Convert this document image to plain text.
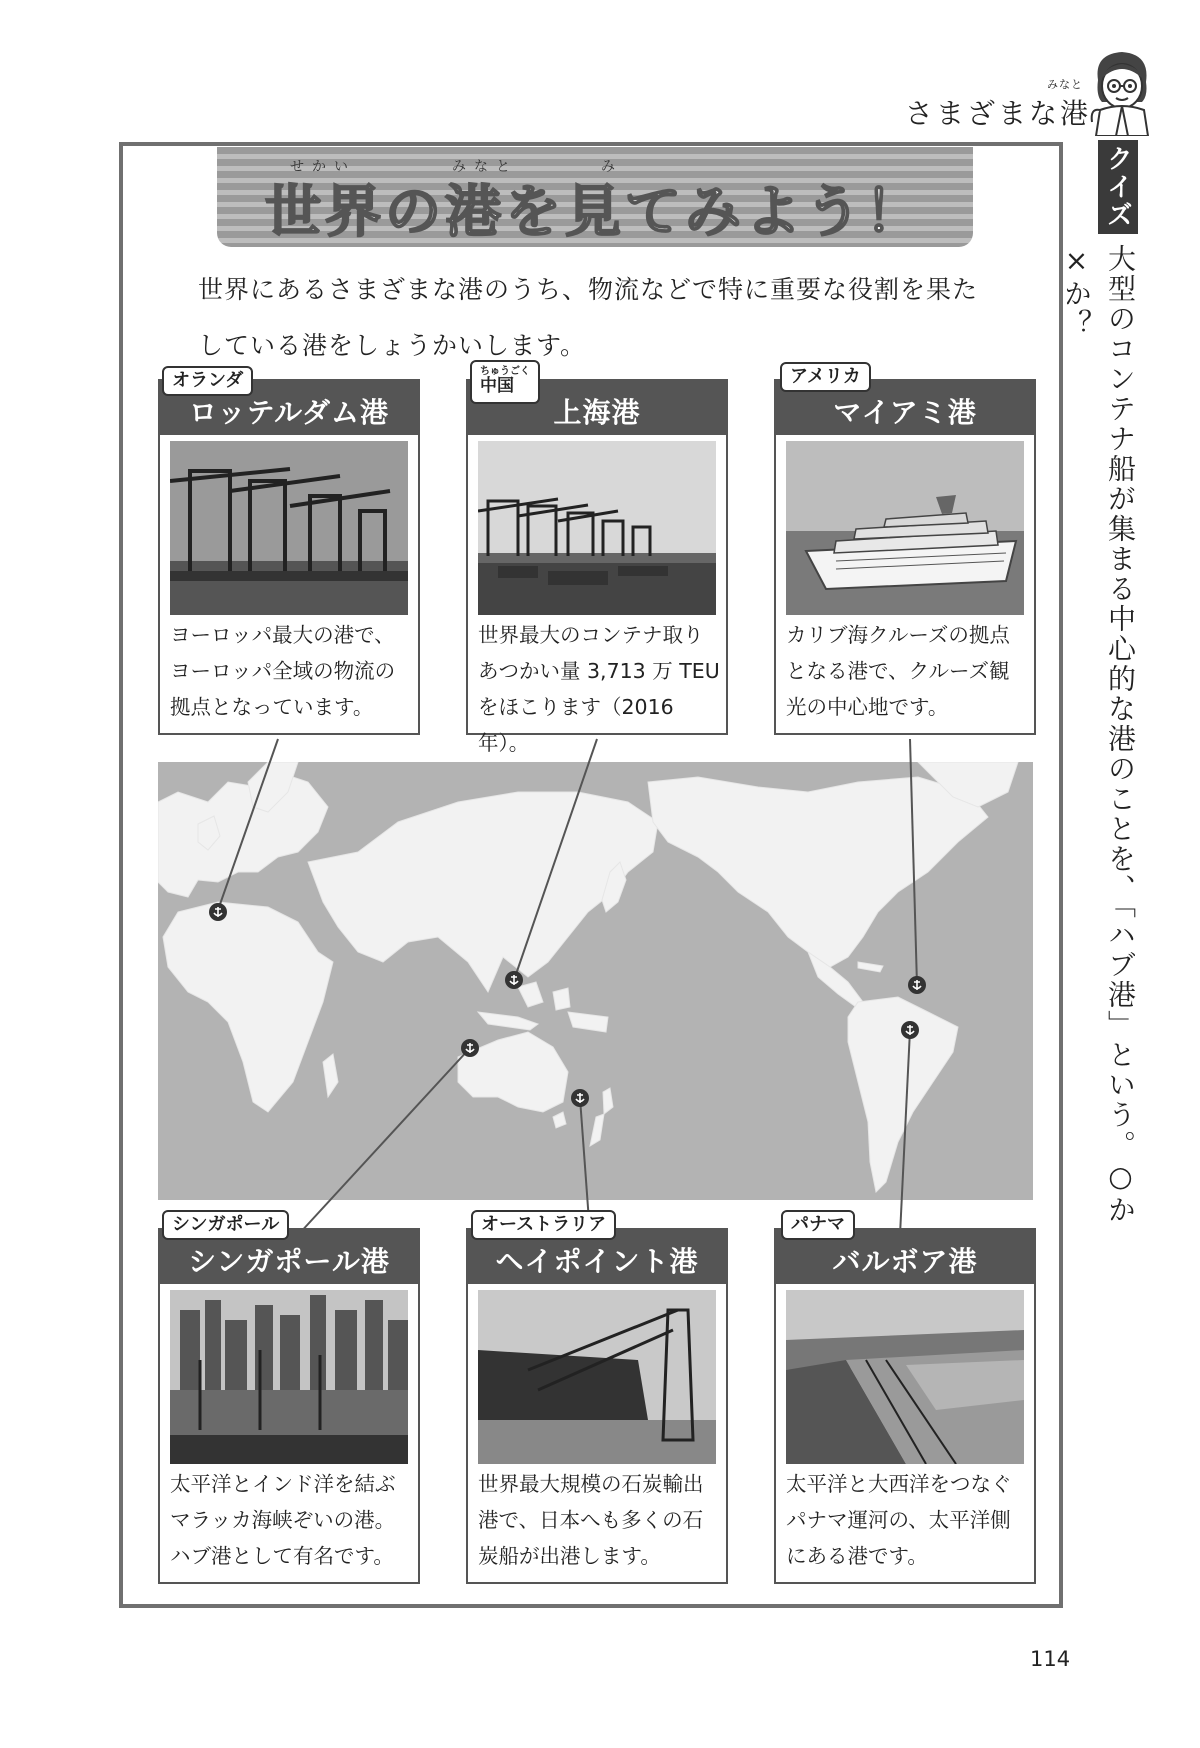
さまざまな港
みなと
クイズ
大型のコンテナ船が集まる中心的な港のことを、「ハブ港」という。○か×か？
せかい	みなと	み
世界の港を見てみよう！
世界にあるさまざまな港のうち、物流などで特に重要な役割を果た
している港をしょうかいします。
ロッテルダム港
ヨーロッパ最大の港で、
ヨーロッパ全域の物流の
拠点となっています。
オランダ
上海港
世界最大のコンテナ取り
あつかい量 3,713 万 TEU
をほこります（2016 年）。
ちゅうごく
中国
マイアミ港
カリブ海クルーズの拠点
となる港で、クルーズ観
光の中心地です。
アメリカ
シンガポール港
太平洋とインド洋を結ぶ
マラッカ海峡ぞいの港。
ハブ港として有名です。
シンガポール
ヘイポイント港
世界最大規模の石炭輸出
港で、日本へも多くの石
炭船が出港します。
オーストラリア
バルボア港
太平洋と大西洋をつなぐ
パナマ運河の、太平洋側
にある港です。
パナマ
114
